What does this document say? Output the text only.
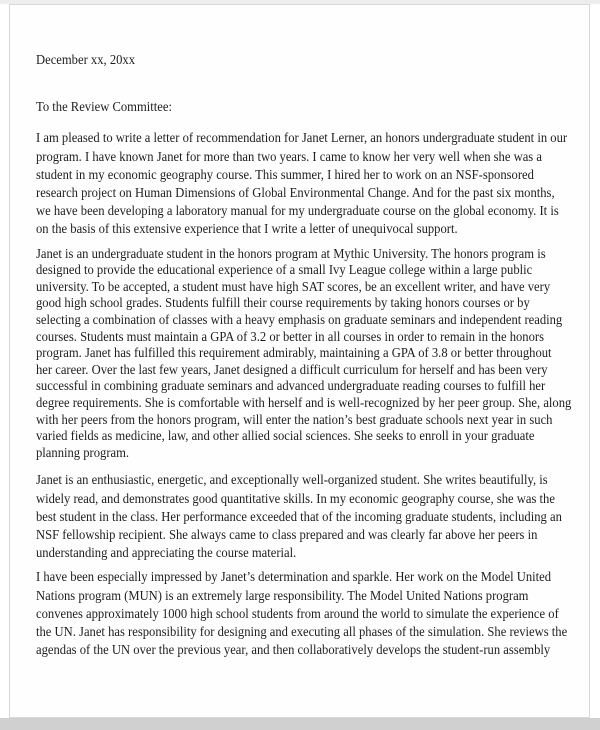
December xx, 20xx
To the Review Committee:
I am pleased to write a letter of recommendation for Janet Lerner, an honors undergraduate student in our
program. I have known Janet for more than two years. I came to know her very well when she was a
student in my economic geography course. This summer, I hired her to work on an NSF-sponsored
research project on Human Dimensions of Global Environmental Change. And for the past six months,
we have been developing a laboratory manual for my undergraduate course on the global economy. It is
on the basis of this extensive experience that I write a letter of unequivocal support.
Janet is an undergraduate student in the honors program at Mythic University. The honors program is
designed to provide the educational experience of a small Ivy League college within a large public
university. To be accepted, a student must have high SAT scores, be an excellent writer, and have very
good high school grades. Students fulfill their course requirements by taking honors courses or by
selecting a combination of classes with a heavy emphasis on graduate seminars and independent reading
courses. Students must maintain a GPA of 3.2 or better in all courses in order to remain in the honors
program. Janet has fulfilled this requirement admirably, maintaining a GPA of 3.8 or better throughout
her career. Over the last few years, Janet designed a difficult curriculum for herself and has been very
successful in combining graduate seminars and advanced undergraduate reading courses to fulfill her
degree requirements. She is comfortable with herself and is well-recognized by her peer group. She, along
with her peers from the honors program, will enter the nation’s best graduate schools next year in such
varied fields as medicine, law, and other allied social sciences. She seeks to enroll in your graduate
planning program.
Janet is an enthusiastic, energetic, and exceptionally well-organized student. She writes beautifully, is
widely read, and demonstrates good quantitative skills. In my economic geography course, she was the
best student in the class. Her performance exceeded that of the incoming graduate students, including an
NSF fellowship recipient. She always came to class prepared and was clearly far above her peers in
understanding and appreciating the course material.
I have been especially impressed by Janet’s determination and sparkle. Her work on the Model United
Nations program (MUN) is an extremely large responsibility. The Model United Nations program
convenes approximately 1000 high school students from around the world to simulate the experience of
the UN. Janet has responsibility for designing and executing all phases of the simulation. She reviews the
agendas of the UN over the previous year, and then collaboratively develops the student-run assembly
